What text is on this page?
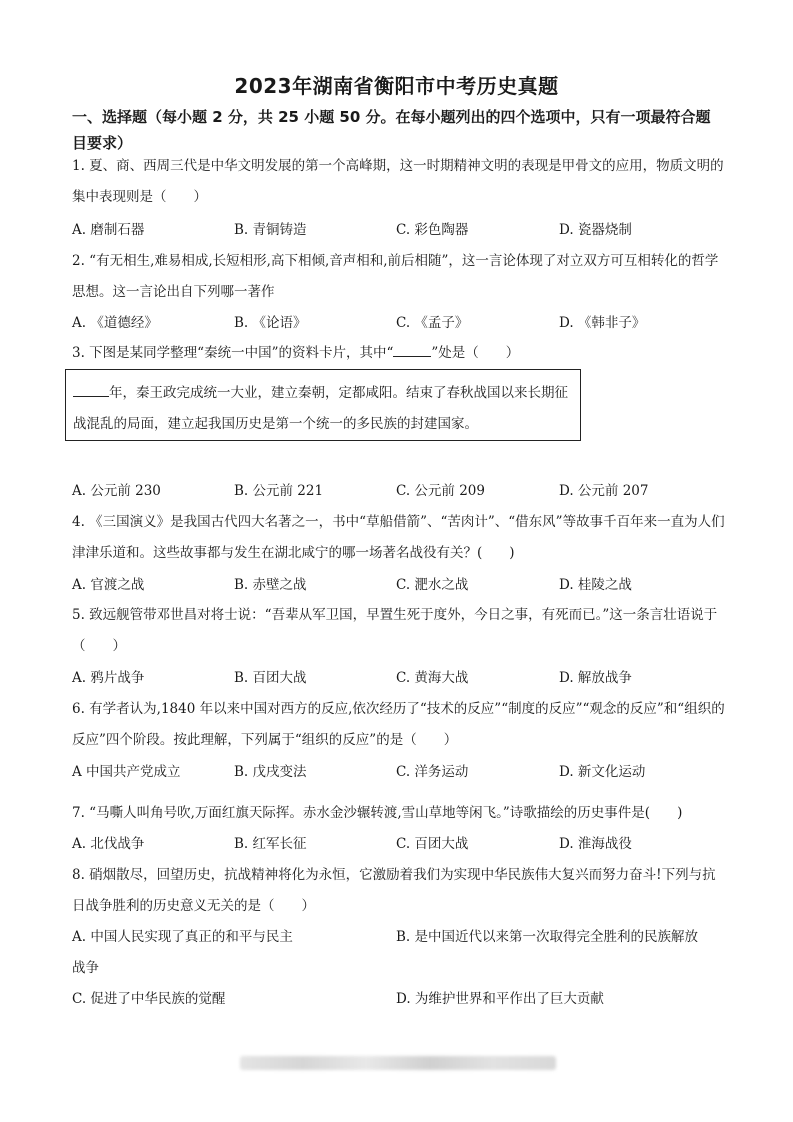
2023年湖南省衡阳市中考历史真题
一、选择题（每小题 2 分，共 25 小题 50 分。在每小题列出的四个选项中，只有一项最符合题目要求）
1. 夏、商、西周三代是中华文明发展的第一个高峰期，这一时期精神文明的表现是甲骨文的应用，物质文明的集中表现则是（　　）
A. 磨制石器	B. 青铜铸造	C. 彩色陶器	D. 瓷器烧制
2. “有无相生,难易相成,长短相形,高下相倾,音声相和,前后相随”，这一言论体现了对立双方可互相转化的哲学思想。这一言论出自下列哪一著作
A. 《道德经》	B. 《论语》	C. 《孟子》	D. 《韩非子》
3. 下图是某同学整理“秦统一中国”的资料卡片，其中“	”处是（　　）
年，秦王政完成统一大业，建立秦朝，定都咸阳。结束了春秋战国以来长期征战混乱的局面，建立起我国历史是第一个统一的多民族的封建国家。
A. 公元前 230	B. 公元前 221	C. 公元前 209	D. 公元前 207
4. 《三国演义》是我国古代四大名著之一，书中“草船借箭”、“苦肉计”、“借东风”等故事千百年来一直为人们津津乐道和。这些故事都与发生在湖北咸宁的哪一场著名战役有关？(　　)
A. 官渡之战	B. 赤壁之战	C. 淝水之战	D. 桂陵之战
5. 致远舰管带邓世昌对将士说：“吾辈从军卫国，早置生死于度外，今日之事，有死而已。”这一条言壮语说于（　　）
A. 鸦片战争	B. 百团大战	C. 黄海大战	D. 解放战争
6. 有学者认为,1840 年以来中国对西方的反应,依次经历了“技术的反应”“制度的反应”“观念的反应”和“组织的反应”四个阶段。按此理解，下列属于“组织的反应”的是（　　）
A 中国共产党成立	B. 戊戌变法	C. 洋务运动	D. 新文化运动
7. “马嘶人叫角号吹,万面红旗天际挥。赤水金沙辗转渡,雪山草地等闲飞。”诗歌描绘的历史事件是(　　)
A. 北伐战争	B. 红军长征	C. 百团大战	D. 淮海战役
8. 硝烟散尽，回望历史，抗战精神将化为永恒，它激励着我们为实现中华民族伟大复兴而努力奋斗!下列与抗日战争胜利的历史意义无关的是（　　）
A. 中国人民实现了真正的和平与民主	B. 是中国近代以来第一次取得完全胜利的民族解放
战争
C. 促进了中华民族的觉醒	D. 为维护世界和平作出了巨大贡献
